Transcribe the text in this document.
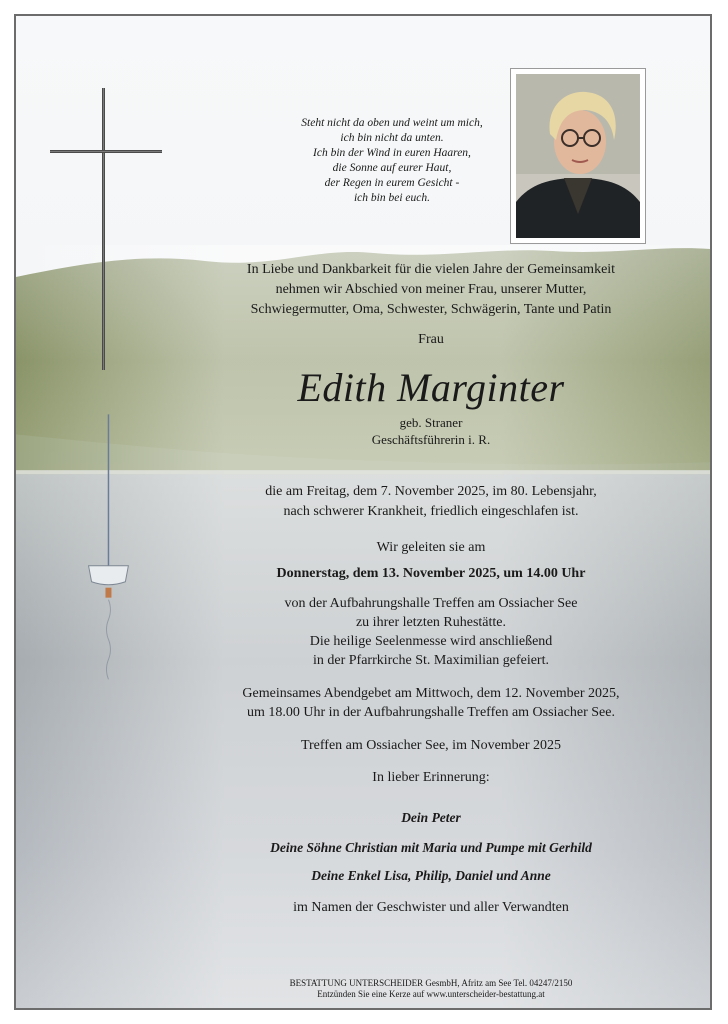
Steht nicht da oben und weint um mich,
ich bin nicht da unten.
Ich bin der Wind in euren Haaren,
die Sonne auf eurer Haut,
der Regen in eurem Gesicht -
ich bin bei euch.
In Liebe und Dankbarkeit für die vielen Jahre der Gemeinsamkeit
nehmen wir Abschied von meiner Frau, unserer Mutter,
Schwiegermutter, Oma, Schwester, Schwägerin, Tante und Patin
Frau
Edith Marginter
geb. Straner
Geschäftsführerin i. R.
die am Freitag, dem 7. November 2025, im 80. Lebensjahr,
nach schwerer Krankheit, friedlich eingeschlafen ist.
Wir geleiten sie am
Donnerstag, dem 13. November 2025, um 14.00 Uhr
von der Aufbahrungshalle Treffen am Ossiacher See
zu ihrer letzten Ruhestätte.
Die heilige Seelenmesse wird anschließend
in der Pfarrkirche St. Maximilian gefeiert.
Gemeinsames Abendgebet am Mittwoch, dem 12. November 2025,
um 18.00 Uhr in der Aufbahrungshalle Treffen am Ossiacher See.
Treffen am Ossiacher See, im November 2025
In lieber Erinnerung:
Dein Peter
Deine Söhne Christian mit Maria und Pumpe mit Gerhild
Deine Enkel Lisa, Philip, Daniel und Anne
im Namen der Geschwister und aller Verwandten
BESTATTUNG UNTERSCHEIDER GesmbH, Afritz am See Tel. 04247/2150
Entzünden Sie eine Kerze auf www.unterscheider-bestattung.at
